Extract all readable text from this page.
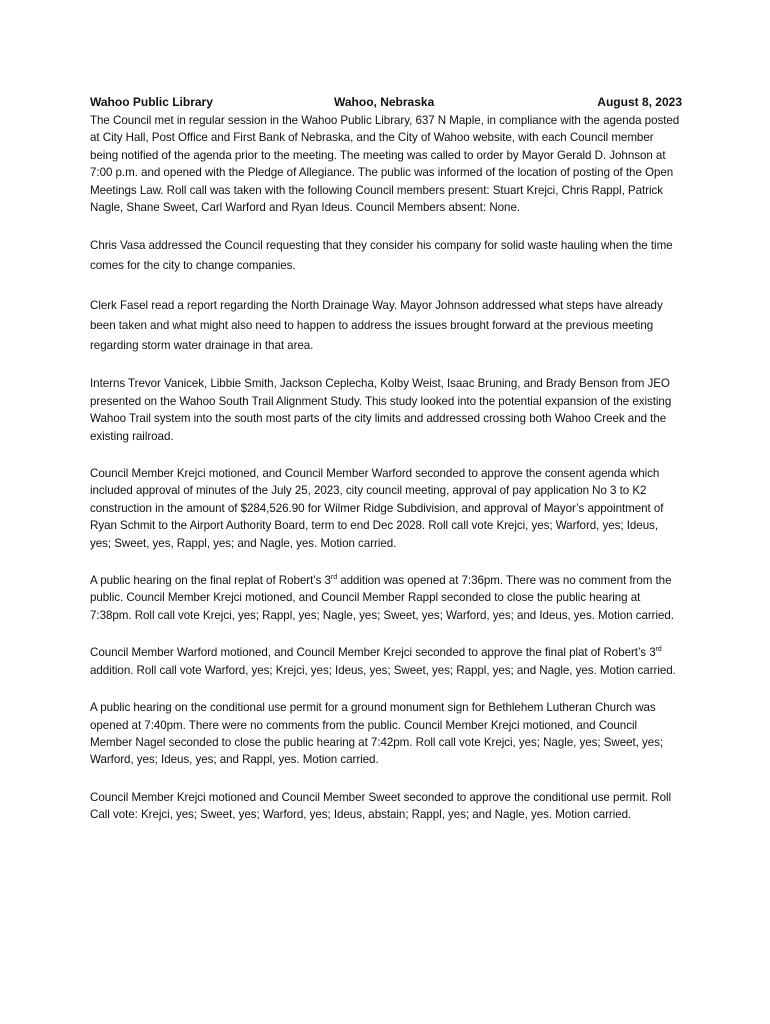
Wahoo Public Library	Wahoo, Nebraska	August 8, 2023

The Council met in regular session in the Wahoo Public Library, 637 N Maple, in compliance with the agenda posted at City Hall, Post Office and First Bank of Nebraska, and the City of Wahoo website, with each Council member being notified of the agenda prior to the meeting. The meeting was called to order by Mayor Gerald D. Johnson at 7:00 p.m. and opened with the Pledge of Allegiance. The public was informed of the location of posting of the Open Meetings Law. Roll call was taken with the following Council members present: Stuart Krejci, Chris Rappl, Patrick Nagle, Shane Sweet, Carl Warford and Ryan Ideus. Council Members absent: None.

Chris Vasa addressed the Council requesting that they consider his company for solid waste hauling when the time comes for the city to change companies.

Clerk Fasel read a report regarding the North Drainage Way. Mayor Johnson addressed what steps have already been taken and what might also need to happen to address the issues brought forward at the previous meeting regarding storm water drainage in that area.

Interns Trevor Vanicek, Libbie Smith, Jackson Ceplecha, Kolby Weist, Isaac Bruning, and Brady Benson from JEO presented on the Wahoo South Trail Alignment Study. This study looked into the potential expansion of the existing Wahoo Trail system into the south most parts of the city limits and addressed crossing both Wahoo Creek and the existing railroad.

Council Member Krejci motioned, and Council Member Warford seconded to approve the consent agenda which included approval of minutes of the July 25, 2023, city council meeting, approval of pay application No 3 to K2 construction in the amount of $284,526.90 for Wilmer Ridge Subdivision, and approval of Mayor’s appointment of Ryan Schmit to the Airport Authority Board, term to end Dec 2028. Roll call vote Krejci, yes; Warford, yes; Ideus, yes; Sweet, yes, Rappl, yes; and Nagle, yes. Motion carried.

A public hearing on the final replat of Robert’s 3rd addition was opened at 7:36pm. There was no comment from the public. Council Member Krejci motioned, and Council Member Rappl seconded to close the public hearing at 7:38pm. Roll call vote Krejci, yes; Rappl, yes; Nagle, yes; Sweet, yes; Warford, yes; and Ideus, yes. Motion carried.

Council Member Warford motioned, and Council Member Krejci seconded to approve the final plat of Robert’s 3rd addition. Roll call vote Warford, yes; Krejci, yes; Ideus, yes; Sweet, yes; Rappl, yes; and Nagle, yes. Motion carried.

A public hearing on the conditional use permit for a ground monument sign for Bethlehem Lutheran Church was opened at 7:40pm. There were no comments from the public. Council Member Krejci motioned, and Council Member Nagel seconded to close the public hearing at 7:42pm. Roll call vote Krejci, yes; Nagle, yes; Sweet, yes; Warford, yes; Ideus, yes; and Rappl, yes. Motion carried.

Council Member Krejci motioned and Council Member Sweet seconded to approve the conditional use permit. Roll Call vote: Krejci, yes; Sweet, yes; Warford, yes; Ideus, abstain; Rappl, yes; and Nagle, yes. Motion carried.
